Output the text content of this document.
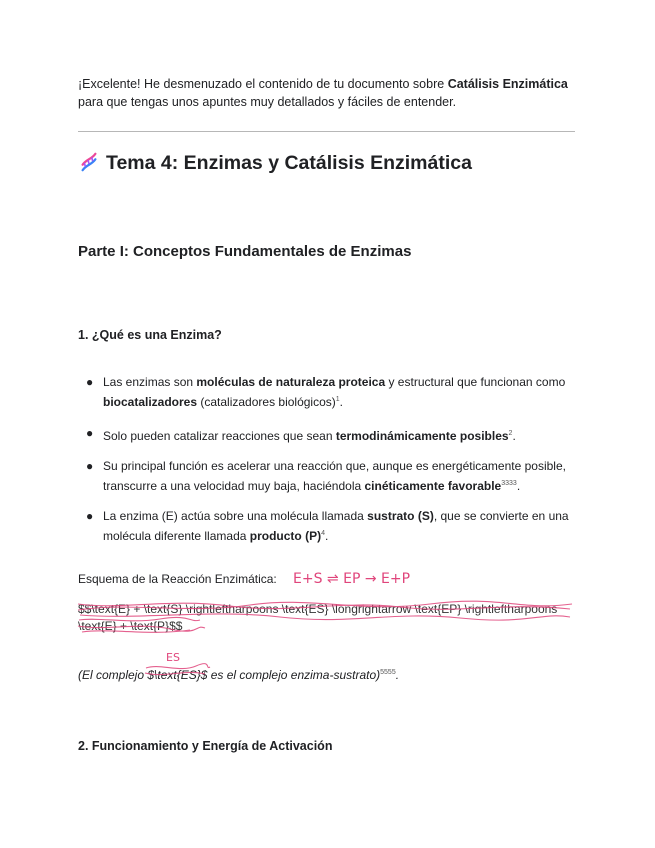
¡Excelente! He desmenuzado el contenido de tu documento sobre Catálisis Enzimática para que tengas unos apuntes muy detallados y fáciles de entender.
Tema 4: Enzimas y Catálisis Enzimática
Parte I: Conceptos Fundamentales de Enzimas
1. ¿Qué es una Enzima?
● Las enzimas son moléculas de naturaleza proteica y estructural que funcionan como biocatalizadores (catalizadores biológicos)$^1$.
● Solo pueden catalizar reacciones que sean termodinámicamente posibles$^2$.
● Su principal función es acelerar una reacción que, aunque es energéticamente posible, transcurre a una velocidad muy baja, haciéndola cinéticamente favorable$^{3333}$.
● La enzima (E) actúa sobre una molécula llamada sustrato (S), que se convierte en una molécula diferente llamada producto $(P)^4$.
Esquema de la Reacción Enzimática:
$$\text{E} + \text{S} \rightleftharpoons \text{ES} \longrightarrow \text{EP} \rightleftharpoons \text{E} + \text{P}$$
(El complejo $\text{ES}$ es el complejo enzima-sustrato)$^{5555}$.
2. Funcionamiento y Energía de Activación
E+S ⇌ EP → E+P
ES
